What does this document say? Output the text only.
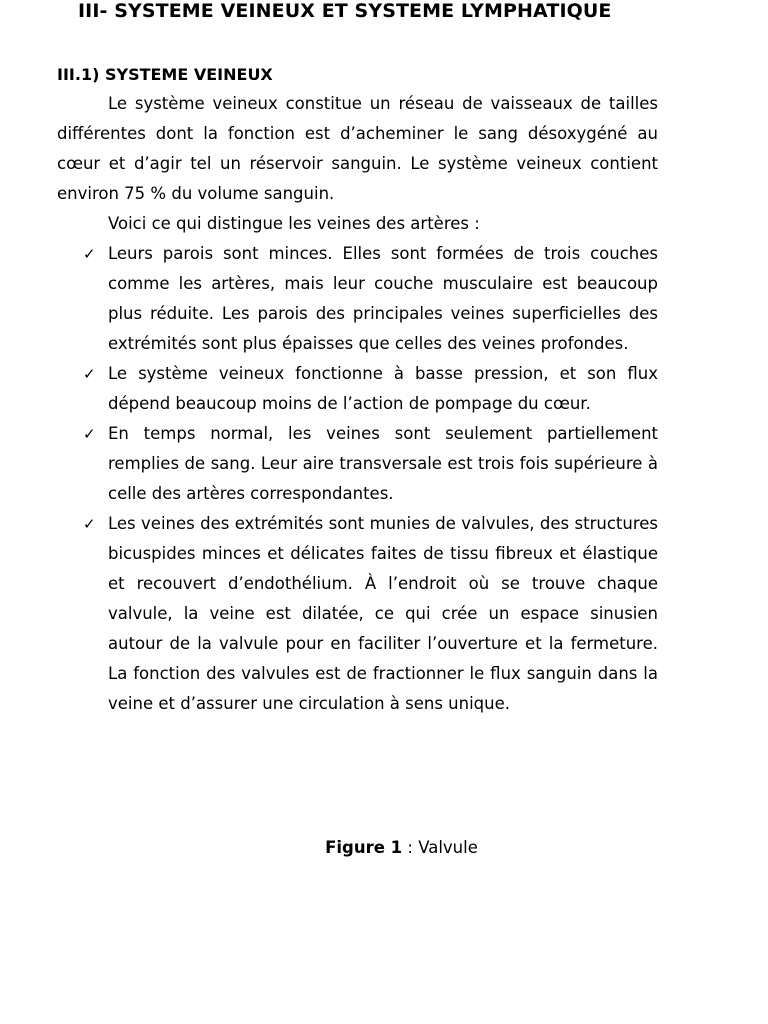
III- SYSTEME VEINEUX ET SYSTEME LYMPHATIQUE
III.1) SYSTEME VEINEUX

Le système veineux constitue un réseau de vaisseaux de tailles différentes dont la fonction est d’acheminer le sang désoxygéné au cœur et d’agir tel un réservoir sanguin. Le système veineux contient environ 75 % du volume sanguin.

Voici ce qui distingue les veines des artères :

✓ Leurs parois sont minces. Elles sont formées de trois couches comme les artères, mais leur couche musculaire est beaucoup plus réduite. Les parois des principales veines superficielles des extrémités sont plus épaisses que celles des veines profondes.
✓ Le système veineux fonctionne à basse pression, et son flux dépend beaucoup moins de l’action de pompage du cœur.
✓ En temps normal, les veines sont seulement partiellement remplies de sang. Leur aire transversale est trois fois supérieure à celle des artères correspondantes.
✓ Les veines des extrémités sont munies de valvules, des structures bicuspides minces et délicates faites de tissu fibreux et élastique et recouvert d’endothélium. À l’endroit où se trouve chaque valvule, la veine est dilatée, ce qui crée un espace sinusien autour de la valvule pour en faciliter l’ouverture et la fermeture. La fonction des valvules est de fractionner le flux sanguin dans la veine et d’assurer une circulation à sens unique.
Figure 1 : Valvule
